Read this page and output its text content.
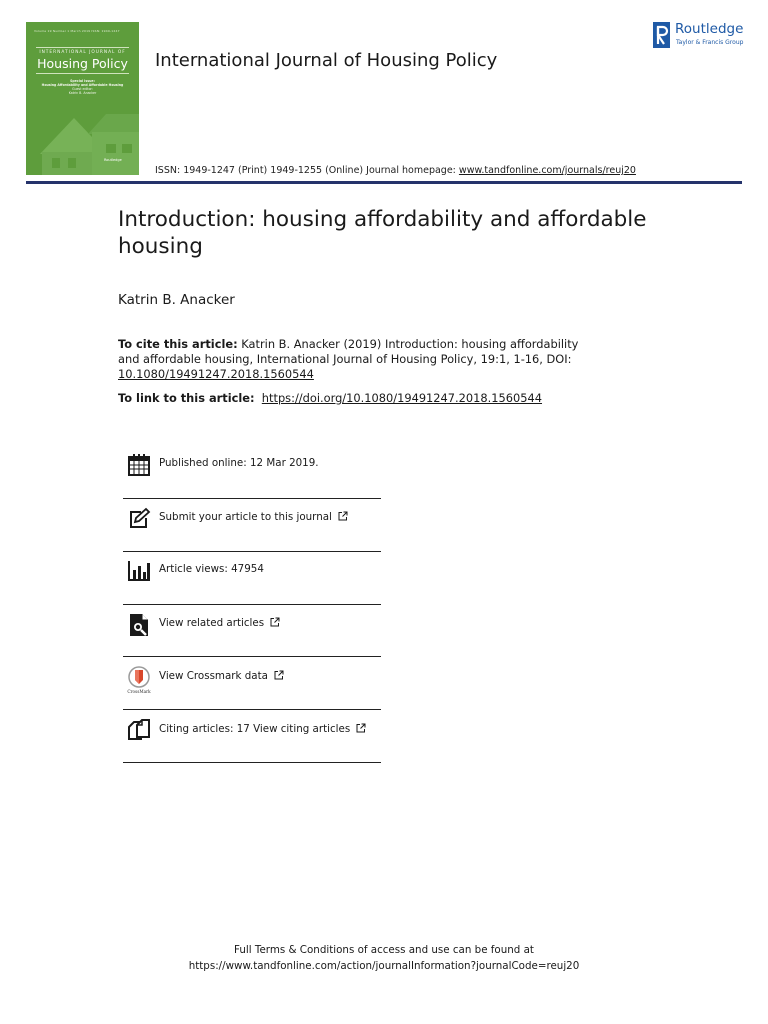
Volume 19 Number 1 March 2019 ISSN: 1949-1247
INTERNATIONAL JOURNAL OF
Housing Policy
Special Issue:
Housing Affordability and Affordable Housing
Guest editor:
Katrin B. Anacker
Routledge
International Journal of Housing Policy
ISSN: 1949-1247 (Print) 1949-1255 (Online) Journal homepage: www.tandfonline.com/journals/reuj20
Routledge
Taylor & Francis Group
Introduction: housing affordability and affordable housing
Katrin B. Anacker
To cite this article: Katrin B. Anacker (2019) Introduction: housing affordability and affordable housing, International Journal of Housing Policy, 19:1, 1-16, DOI: 10.1080/19491247.2018.1560544
To link to this article: https://doi.org/10.1080/19491247.2018.1560544
Published online: 12 Mar 2019.
Submit your article to this journal
Article views: 47954
View related articles
CrossMark
View Crossmark data
Citing articles: 17 View citing articles
Full Terms & Conditions of access and use can be found at
https://www.tandfonline.com/action/journalInformation?journalCode=reuj20
